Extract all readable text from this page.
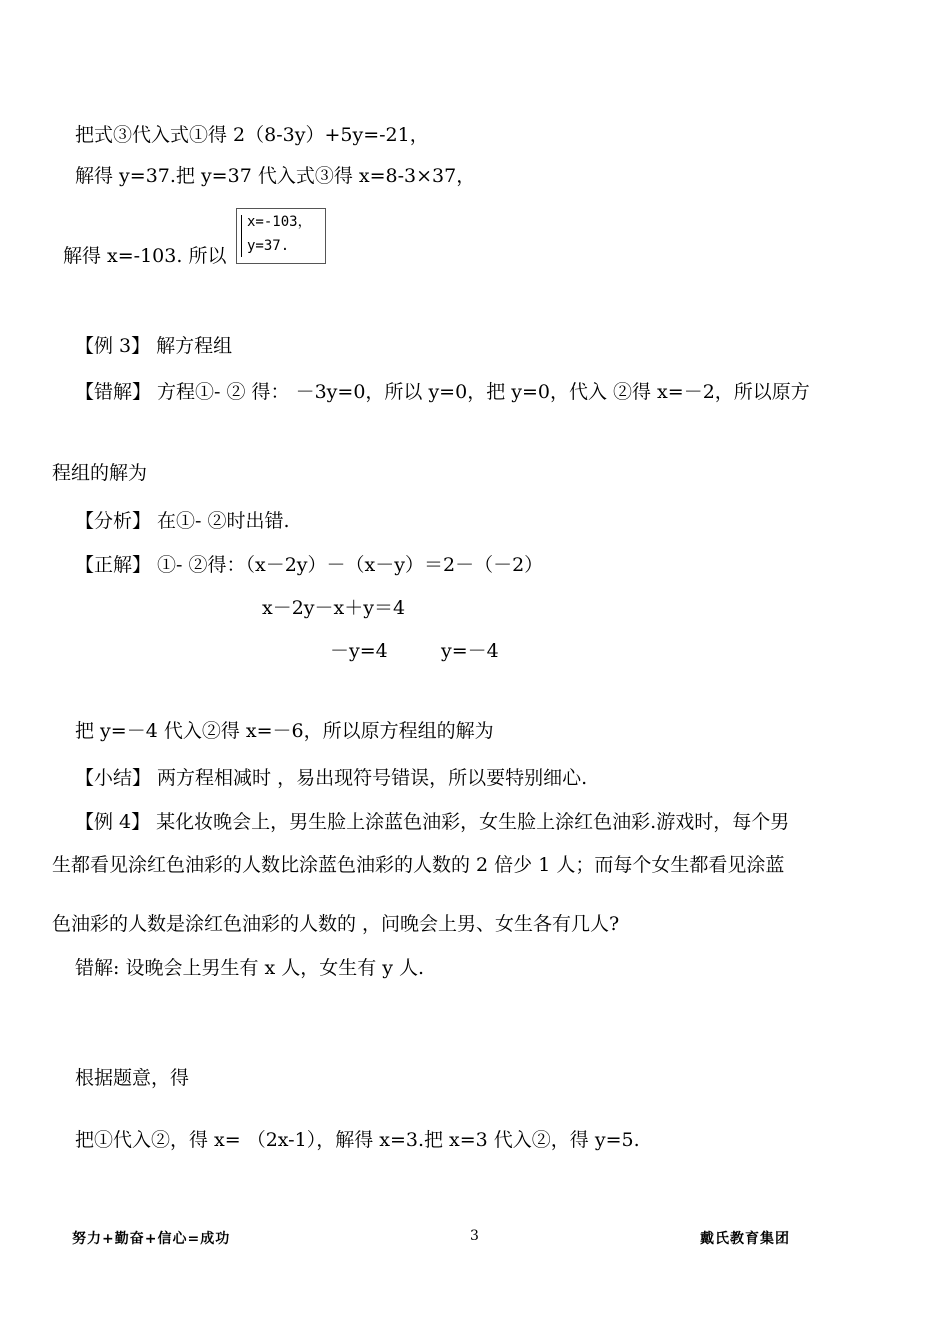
把式③代入式①得 2（8-3y）+5y=-21，
解得 y=37.把 y=37 代入式③得 x=8-3×37，
解得 x=-103. 所以
x=-103，
y=37.
【例 3】 解方程组
【错解】 方程①- ② 得： －3y=0，所以 y=0，把 y=0，代入 ②得 x=－2，所以原方
程组的解为
【分析】 在①- ②时出错.
【正解】 ①- ②得：（x－2y）－（x－y）＝2－（－2）
x－2y－x＋y＝4
－y=4	y=－4
把 y=－4 代入②得 x=－6，所以原方程组的解为
【小结】 两方程相减时 ，易出现符号错误，所以要特别细心.
【例 4】 某化妆晚会上，男生脸上涂蓝色油彩，女生脸上涂红色油彩.游戏时，每个男
生都看见涂红色油彩的人数比涂蓝色油彩的人数的 2 倍少 1 人；而每个女生都看见涂蓝
色油彩的人数是涂红色油彩的人数的 ，问晚会上男、女生各有几人?
错解: 设晚会上男生有 x 人，女生有 y 人.
根据题意，得
把①代入②，得 x= （2x-1），解得 x=3.把 x=3 代入②，得 y=5.
努力+勤奋+信心=成功	3	戴氏教育集团
